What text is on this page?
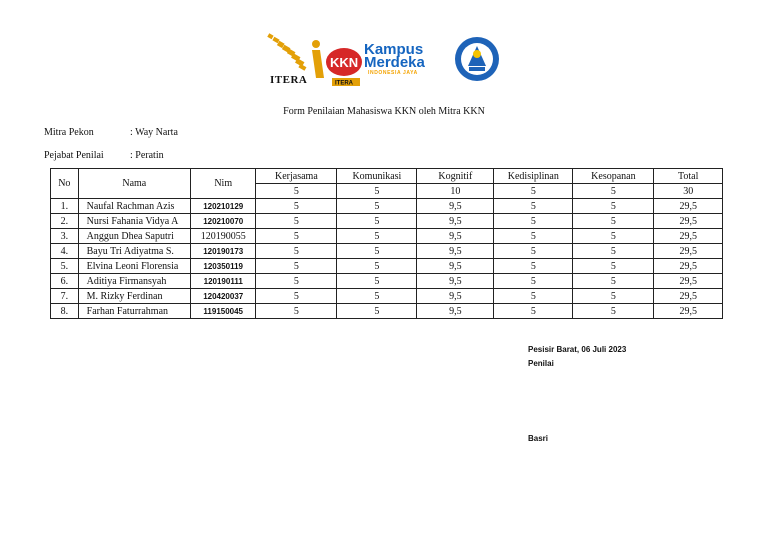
ITERA
KKN
ITERA
Kampus
Merdeka
INDONESIA JAYA
Form Penilaian Mahasiswa KKN oleh Mitra KKN
Mitra Pekon	: Way Narta
Pejabat Penilai	: Peratin
No	Nama	Nim	Kerjasama	Komunikasi	Kognitif	Kedisiplinan	Kesopanan	Total
			5	5	10	5	5	30
1.	Naufal Rachman Azis	120210129	5	5	9,5	5	5	29,5
2.	Nursi Fahania Vidya A	120210070	5	5	9,5	5	5	29,5
3.	Anggun Dhea Saputri	120190055	5	5	9,5	5	5	29,5
4.	Bayu Tri Adiyatma S.	120190173	5	5	9,5	5	5	29,5
5.	Elvina Leoni Florensia	120350119	5	5	9,5	5	5	29,5
6.	Aditiya Firmansyah	120190111	5	5	9,5	5	5	29,5
7.	M. Rizky Ferdinan	120420037	5	5	9,5	5	5	29,5
8.	Farhan Faturrahman	119150045	5	5	9,5	5	5	29,5
Pesisir Barat, 06 Juli 2023
Penilai
Basri
